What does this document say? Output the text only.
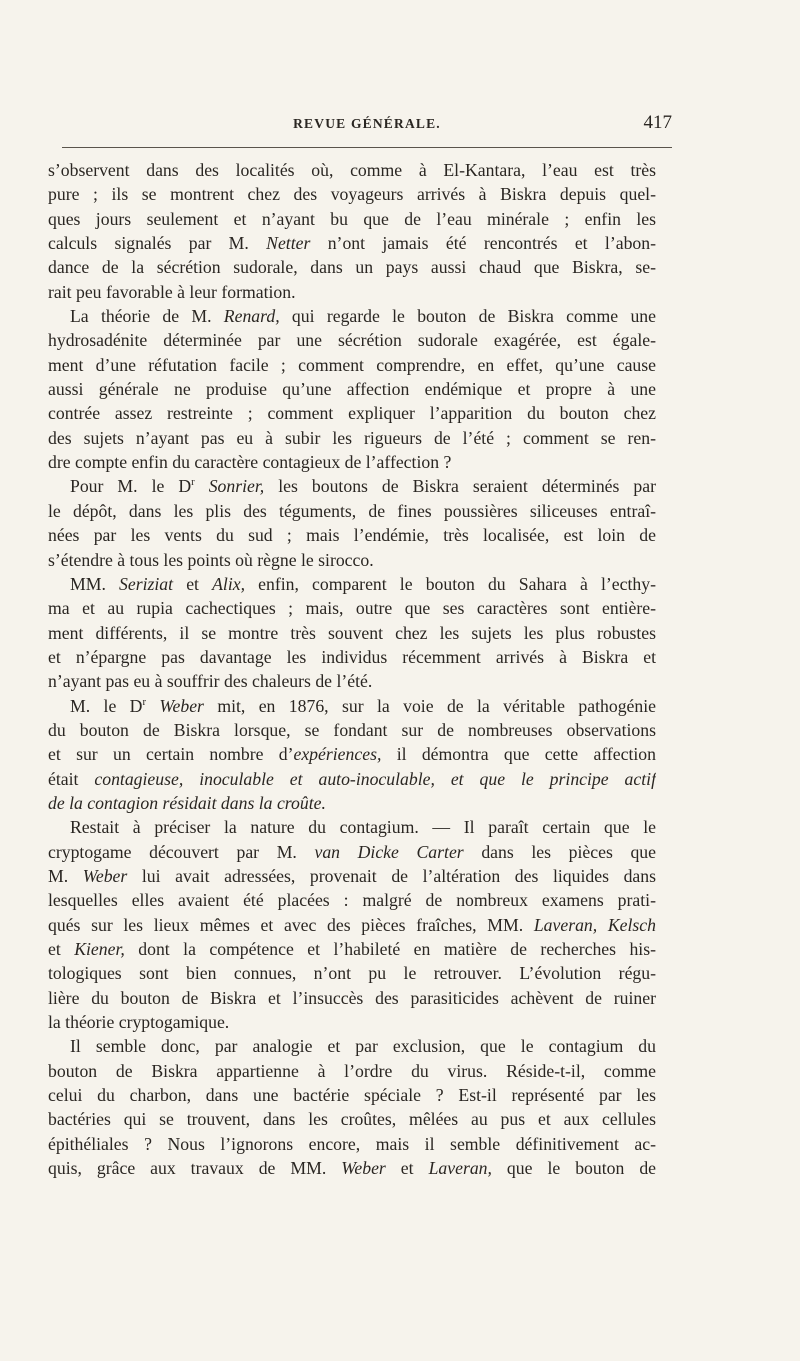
REVUE GÉNÉRALE.	417
s’observent dans des localités où, comme à El-Kantara, l’eau est très
pure ; ils se montrent chez des voyageurs arrivés à Biskra depuis quel-
ques jours seulement et n’ayant bu que de l’eau minérale ; enfin les
calculs signalés par M. Netter n’ont jamais été rencontrés et l’abon-
dance de la sécrétion sudorale, dans un pays aussi chaud que Biskra, se-
rait peu favorable à leur formation.
La théorie de M. Renard, qui regarde le bouton de Biskra comme une
hydrosadénite déterminée par une sécrétion sudorale exagérée, est égale-
ment d’une réfutation facile ; comment comprendre, en effet, qu’une cause
aussi générale ne produise qu’une affection endémique et propre à une
contrée assez restreinte ; comment expliquer l’apparition du bouton chez
des sujets n’ayant pas eu à subir les rigueurs de l’été ; comment se ren-
dre compte enfin du caractère contagieux de l’affection ?
Pour M. le $D^r$ Sonrier, les boutons de Biskra seraient déterminés par
le dépôt, dans les plis des téguments, de fines poussières siliceuses entraî-
nées par les vents du sud ; mais l’endémie, très localisée, est loin de
s’étendre à tous les points où règne le sirocco.
MM. Seriziat et Alix, enfin, comparent le bouton du Sahara à l’ecthy-
ma et au rupia cachectiques ; mais, outre que ses caractères sont entière-
ment différents, il se montre très souvent chez les sujets les plus robustes
et n’épargne pas davantage les individus récemment arrivés à Biskra et
n’ayant pas eu à souffrir des chaleurs de l’été.
M. le $D^r$ Weber mit, en 1876, sur la voie de la véritable pathogénie
du bouton de Biskra lorsque, se fondant sur de nombreuses observations
et sur un certain nombre d’expériences, il démontra que cette affection
était contagieuse, inoculable et auto-inoculable, et que le principe actif
de la contagion résidait dans la croûte.
Restait à préciser la nature du contagium. — Il paraît certain que le
cryptogame découvert par M. van Dicke Carter dans les pièces que
M. Weber lui avait adressées, provenait de l’altération des liquides dans
lesquelles elles avaient été placées : malgré de nombreux examens prati-
qués sur les lieux mêmes et avec des pièces fraîches, MM. Laveran, Kelsch
et Kiener, dont la compétence et l’habileté en matière de recherches his-
tologiques sont bien connues, n’ont pu le retrouver. L’évolution régu-
lière du bouton de Biskra et l’insuccès des parasiticides achèvent de ruiner
la théorie cryptogamique.
Il semble donc, par analogie et par exclusion, que le contagium du
bouton de Biskra appartienne à l’ordre du virus. Réside-t-il, comme
celui du charbon, dans une bactérie spéciale ? Est-il représenté par les
bactéries qui se trouvent, dans les croûtes, mêlées au pus et aux cellules
épithéliales ? Nous l’ignorons encore, mais il semble définitivement ac-
quis, grâce aux travaux de MM. Weber et Laveran, que le bouton de
